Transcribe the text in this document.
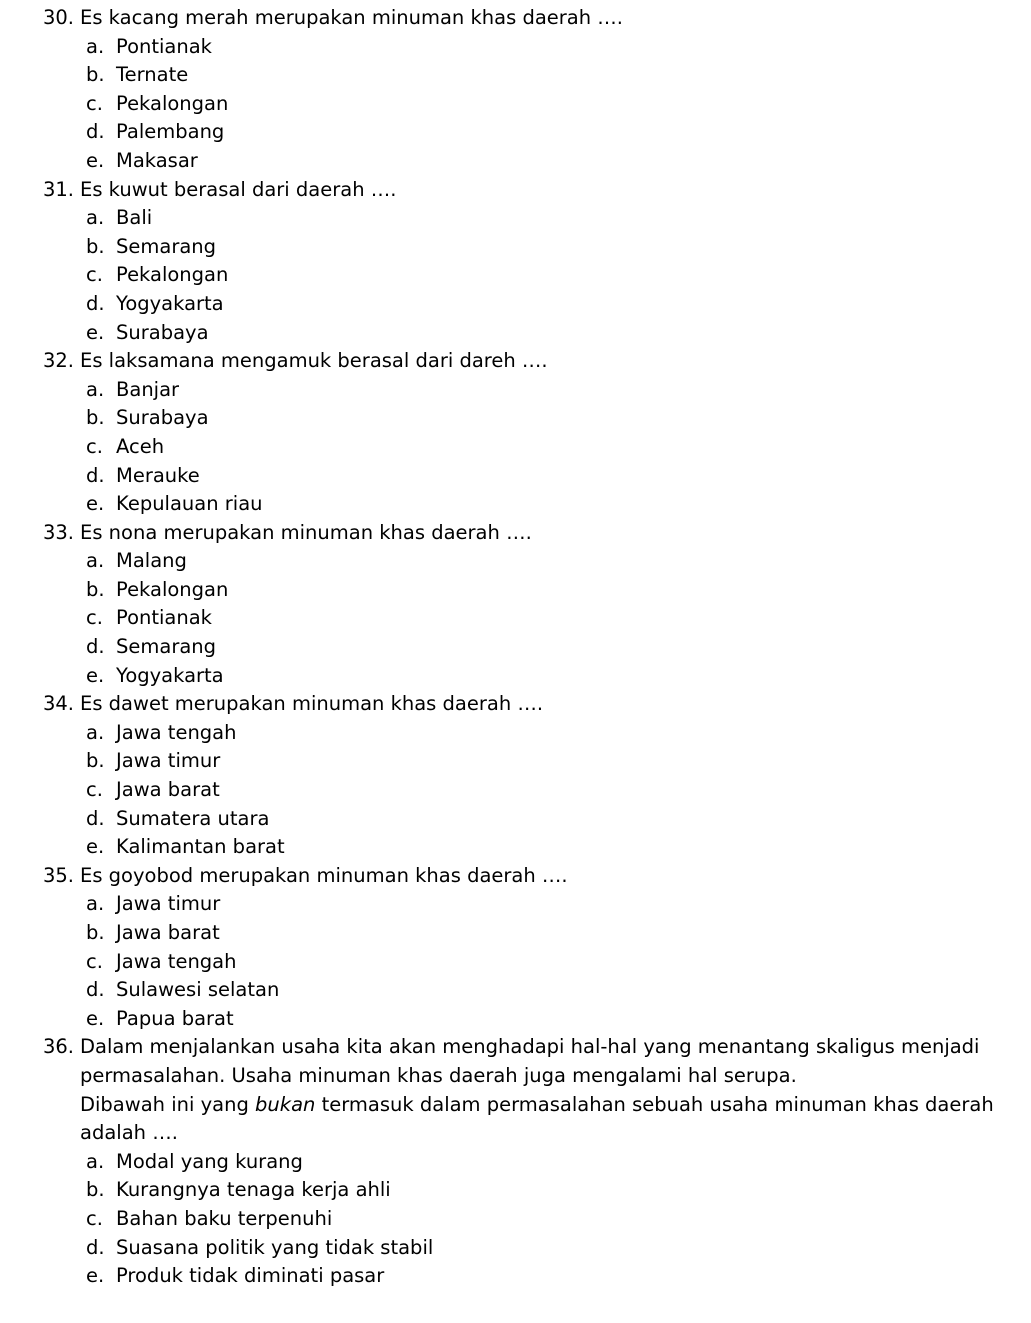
30. Es kacang merah merupakan minuman khas daerah ….
a. Pontianak
b. Ternate
c. Pekalongan
d. Palembang
e. Makasar
31. Es kuwut berasal dari daerah ….
a. Bali
b. Semarang
c. Pekalongan
d. Yogyakarta
e. Surabaya
32. Es laksamana mengamuk berasal dari dareh ….
a. Banjar
b. Surabaya
c. Aceh
d. Merauke
e. Kepulauan riau
33. Es nona merupakan minuman khas daerah ….
a. Malang
b. Pekalongan
c. Pontianak
d. Semarang
e. Yogyakarta
34. Es dawet merupakan minuman khas daerah ….
a. Jawa tengah
b. Jawa timur
c. Jawa barat
d. Sumatera utara
e. Kalimantan barat
35. Es goyobod merupakan minuman khas daerah ….
a. Jawa timur
b. Jawa barat
c. Jawa tengah
d. Sulawesi selatan
e. Papua barat
36. Dalam menjalankan usaha kita akan menghadapi hal-hal yang menantang skaligus menjadi permasalahan. Usaha minuman khas daerah juga mengalami hal serupa.

Dibawah ini yang bukan termasuk dalam permasalahan sebuah usaha minuman khas daerah adalah ….

a. Modal yang kurang
b. Kurangnya tenaga kerja ahli
c. Bahan baku terpenuhi
d. Suasana politik yang tidak stabil
e. Produk tidak diminati pasar
